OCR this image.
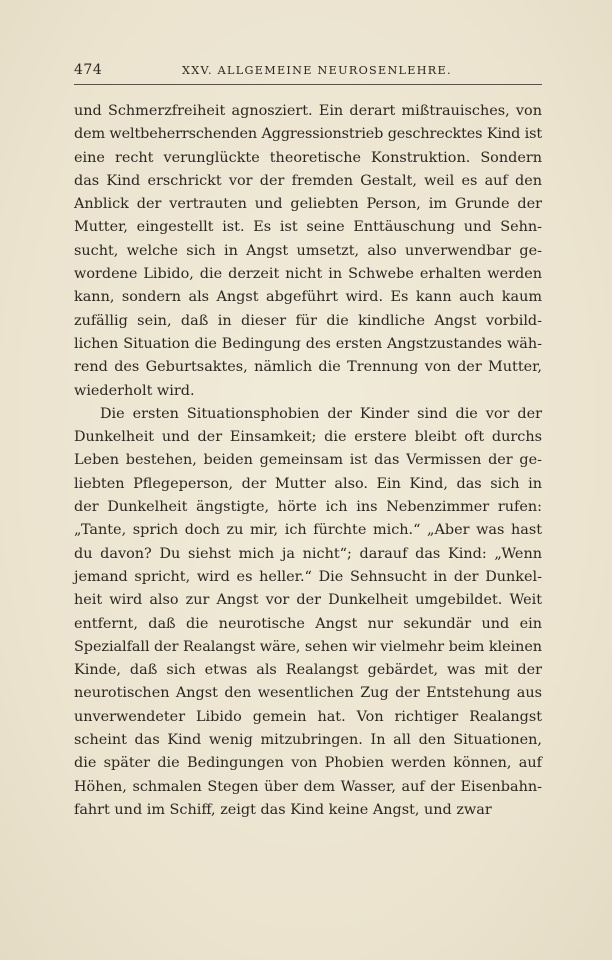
474	XXV. ALLGEMEINE NEUROSENLEHRE.
und Schmerzfreiheit agnosziert. Ein derart mißtrauisches, von
dem weltbeherrschenden Aggressionstrieb geschrecktes Kind ist
eine recht verunglückte theoretische Konstruktion. Sondern
das Kind erschrickt vor der fremden Gestalt, weil es auf den
Anblick der vertrauten und geliebten Person, im Grunde der
Mutter, eingestellt ist. Es ist seine Enttäuschung und Sehn-
sucht, welche sich in Angst umsetzt, also unverwendbar ge-
wordene Libido, die derzeit nicht in Schwebe erhalten werden
kann, sondern als Angst abgeführt wird. Es kann auch kaum
zufällig sein, daß in dieser für die kindliche Angst vorbild-
lichen Situation die Bedingung des ersten Angstzustandes wäh-
rend des Geburtsaktes, nämlich die Trennung von der Mutter,
wiederholt wird.
Die ersten Situationsphobien der Kinder sind die vor der
Dunkelheit und der Einsamkeit; die erstere bleibt oft durchs
Leben bestehen, beiden gemeinsam ist das Vermissen der ge-
liebten Pflegeperson, der Mutter also. Ein Kind, das sich in
der Dunkelheit ängstigte, hörte ich ins Nebenzimmer rufen:
„Tante, sprich doch zu mir, ich fürchte mich.“ „Aber was hast
du davon? Du siehst mich ja nicht“; darauf das Kind: „Wenn
jemand spricht, wird es heller.“ Die Sehnsucht in der Dunkel-
heit wird also zur Angst vor der Dunkelheit umgebildet. Weit
entfernt, daß die neurotische Angst nur sekundär und ein
Spezialfall der Realangst wäre, sehen wir vielmehr beim kleinen
Kinde, daß sich etwas als Realangst gebärdet, was mit der
neurotischen Angst den wesentlichen Zug der Entstehung aus
unverwendeter Libido gemein hat. Von richtiger Realangst
scheint das Kind wenig mitzubringen. In all den Situationen,
die später die Bedingungen von Phobien werden können, auf
Höhen, schmalen Stegen über dem Wasser, auf der Eisenbahn-
fahrt und im Schiff, zeigt das Kind keine Angst, und zwar
